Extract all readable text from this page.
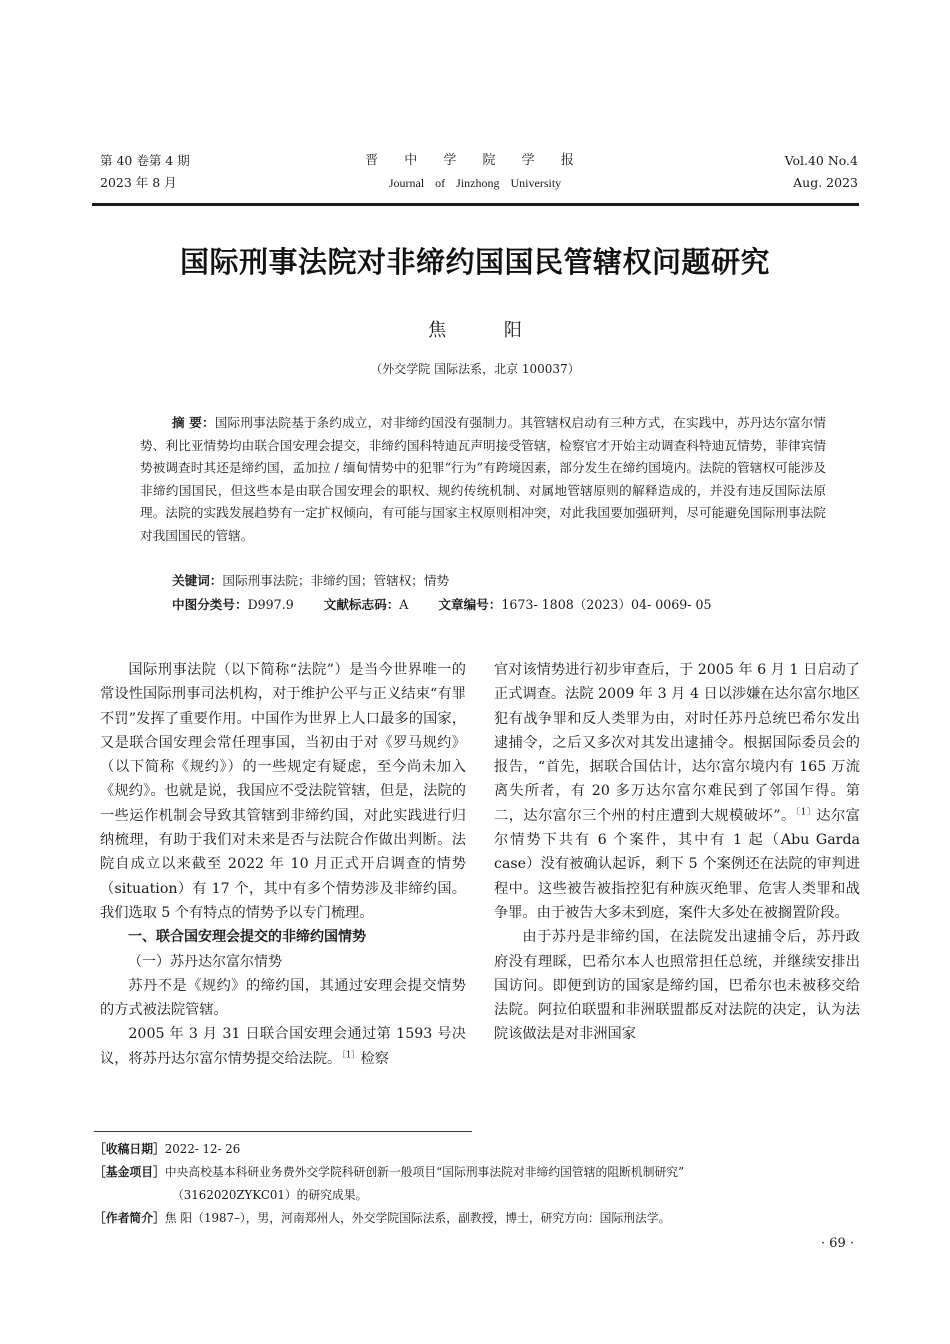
第 40 卷第 4 期
2023 年 8 月
晋 中 学 院 学 报
Journal of Jinzhong University
Vol.40 No.4
Aug. 2023
国际刑事法院对非缔约国国民管辖权问题研究
焦 阳
（外交学院 国际法系，北京 100037）

摘 要：国际刑事法院基于条约成立，对非缔约国没有强制力。其管辖权启动有三种方式，在实践中，苏丹达尔富尔情势、利比亚情势均由联合国安理会提交，非缔约国科特迪瓦声明接受管辖，检察官才开始主动调查科特迪瓦情势，菲律宾情势被调查时其还是缔约国，孟加拉 / 缅甸情势中的犯罪“行为”有跨境因素，部分发生在缔约国境内。法院的管辖权可能涉及非缔约国国民，但这些本是由联合国安理会的职权、规约传统机制、对属地管辖原则的解释造成的，并没有违反国际法原理。法院的实践发展趋势有一定扩权倾向，有可能与国家主权原则相冲突，对此我国要加强研判，尽可能避免国际刑事法院对我国国民的管辖。

关键词：国际刑事法院；非缔约国；管辖权；情势
中图分类号：D997.9 文献标志码：A 文章编号：1673- 1808（2023）04- 0069- 05

国际刑事法院（以下简称“法院”）是当今世界唯一的常设性国际刑事司法机构，对于维护公平与正义结束“有罪不罚”发挥了重要作用。中国作为世界上人口最多的国家，又是联合国安理会常任理事国，当初由于对《罗马规约》（以下简称《规约》）的一些规定有疑虑，至今尚未加入《规约》。也就是说，我国应不受法院管辖，但是，法院的一些运作机制会导致其管辖到非缔约国，对此实践进行归纳梳理，有助于我们对未来是否与法院合作做出判断。法院自成立以来截至 2022 年 10 月正式开启调查的情势（situation）有 17 个，其中有多个情势涉及非缔约国。我们选取 5 个有特点的情势予以专门梳理。

一、联合国安理会提交的非缔约国情势
（一）苏丹达尔富尔情势

苏丹不是《规约》的缔约国，其通过安理会提交情势的方式被法院管辖。

2005 年 3 月 31 日联合国安理会通过第 1593 号决议，将苏丹达尔富尔情势提交给法院。$^{〔1〕}$检察

官对该情势进行初步审查后，于 2005 年 6 月 1 日启动了正式调查。法院 2009 年 3 月 4 日以涉嫌在达尔富尔地区犯有战争罪和反人类罪为由，对时任苏丹总统巴希尔发出逮捕令，之后又多次对其发出逮捕令。根据国际委员会的报告，“首先，据联合国估计，达尔富尔境内有 165 万流离失所者，有 20 多万达尔富尔难民到了邻国乍得。第二，达尔富尔三个州的村庄遭到大规模破坏”。$^{〔1〕}$达尔富尔情势下共有 6 个案件，其中有 1 起（Abu Garda case）没有被确认起诉，剩下 5 个案例还在法院的审判进程中。这些被告被指控犯有种族灭绝罪、危害人类罪和战争罪。由于被告大多未到庭，案件大多处在被搁置阶段。

由于苏丹是非缔约国，在法院发出逮捕令后，苏丹政府没有理睬，巴希尔本人也照常担任总统，并继续安排出国访问。即便到访的国家是缔约国，巴希尔也未被移交给法院。阿拉伯联盟和非洲联盟都反对法院的决定，认为法院该做法是对非洲国家

［收稿日期］ 2022- 12- 26
［基金项目］ 中央高校基本科研业务费外交学院科研创新一般项目“国际刑事法院对非缔约国管辖的阻断机制研究”
（3162020ZYKC01）的研究成果。
［作者简介］ 焦 阳（1987–），男，河南郑州人，外交学院国际法系，副教授，博士，研究方向：国际刑法学。
· 69 ·
